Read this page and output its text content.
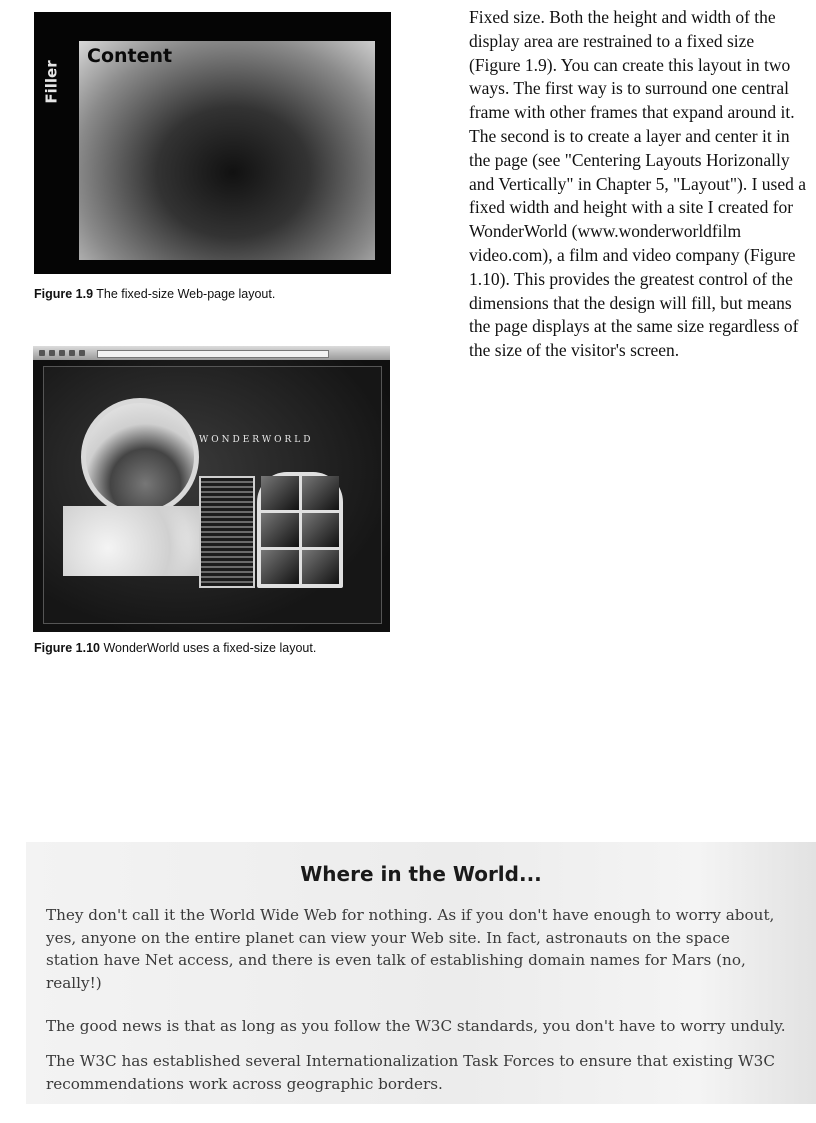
Filler
Content
Figure 1.9 The fixed-size Web-page layout.
WONDERWORLD
Figure 1.10 WonderWorld uses a fixed-size layout.

Fixed size. Both the height and width of the display area are restrained to a fixed size (Figure 1.9). You can create this layout in two ways. The first way is to surround one central frame with other frames that expand around it. The second is to create a layer and center it in the page (see "Centering Layouts Horizonally and Vertically" in Chapter 5, "Layout"). I used a fixed width and height with a site I created for WonderWorld (www.wonderworldfilm video.com), a film and video company (Figure 1.10). This provides the greatest control of the dimensions that the design will fill, but means the page displays at the same size regardless of the size of the visitor's screen.

Where in the World...

They don't call it the World Wide Web for nothing. As if you don't have enough to worry about, yes, anyone on the entire planet can view your Web site. In fact, astronauts on the space station have Net access, and there is even talk of establishing domain names for Mars (no, really!)

The good news is that as long as you follow the W3C standards, you don't have to worry unduly.

The W3C has established several Internationalization Task Forces to ensure that existing W3C recommendations work across geographic borders.
